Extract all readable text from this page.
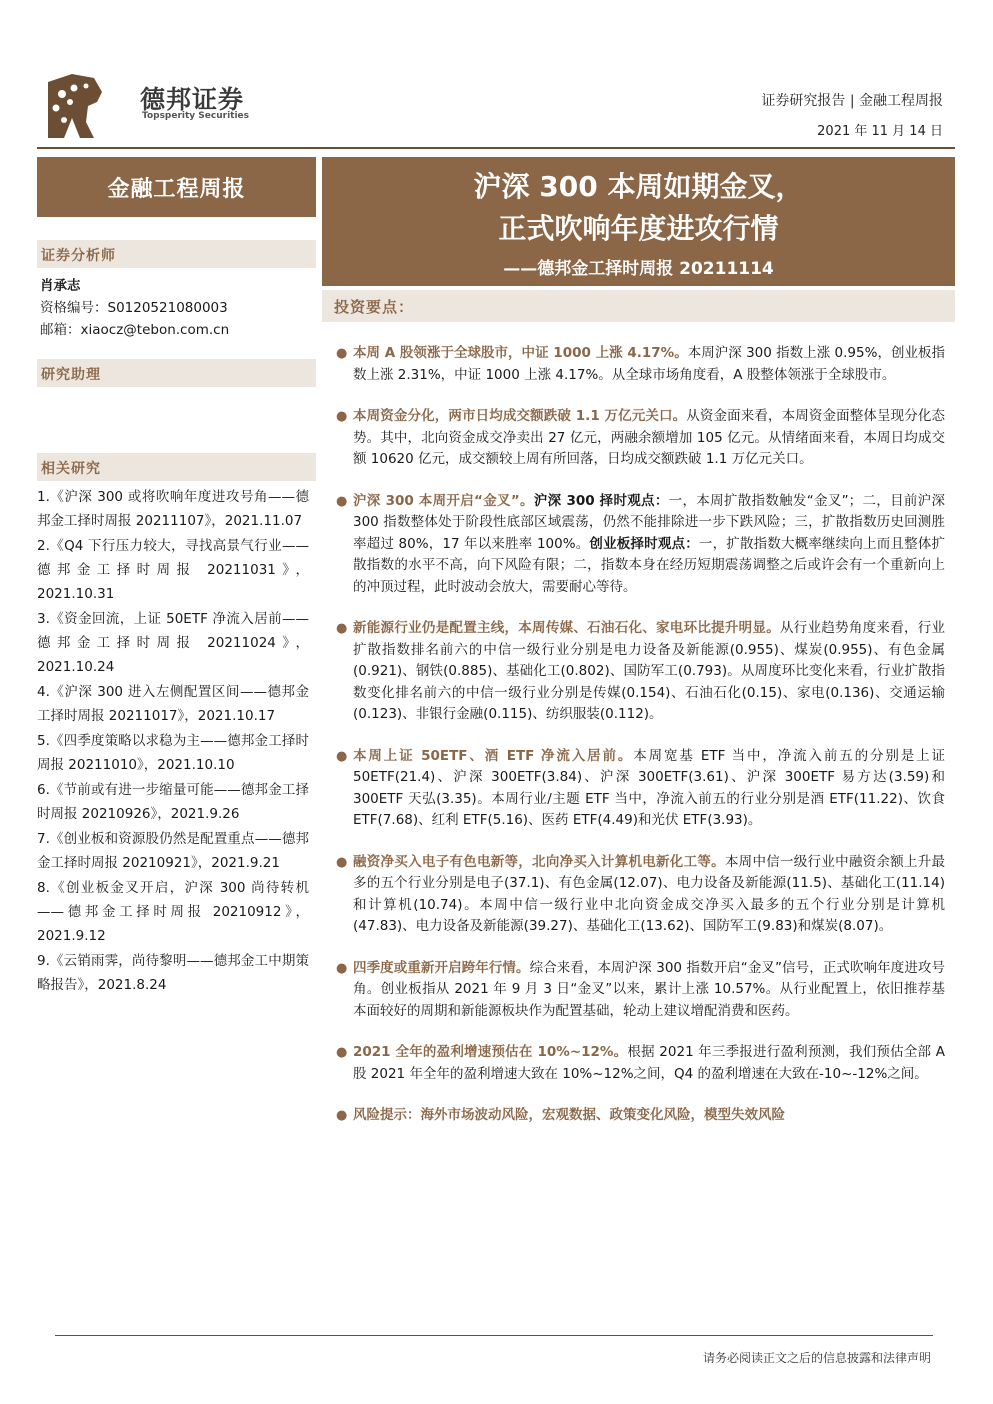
德邦证券
Topsperity Securities
证券研究报告 | 金融工程周报
2021 年 11 月 14 日
金融工程周报	沪深 300 本周如期金叉，
正式吹响年度进攻行情
——德邦金工择时周报 20211114
证券分析师
肖承志
资格编号：S0120521080003
邮箱：xiaocz@tebon.com.cn
研究助理
相关研究
1.《沪深 300 或将吹响年度进攻号角——德邦金工择时周报 20211107》，2021.11.07
2.《Q4 下行压力较大，寻找高景气行业——德邦金工择时周报 20211031》，2021.10.31
3.《资金回流，上证 50ETF 净流入居前——德邦金工择时周报 20211024》，2021.10.24
4.《沪深 300 进入左侧配置区间——德邦金工择时周报 20211017》，2021.10.17
5.《四季度策略以求稳为主——德邦金工择时周报 20211010》，2021.10.10
6.《节前或有进一步缩量可能——德邦金工择时周报 20210926》，2021.9.26
7.《创业板和资源股仍然是配置重点——德邦金工择时周报 20210921》，2021.9.21
8.《创业板金叉开启，沪深 300 尚待转机——德邦金工择时周报 20210912》，2021.9.12
9.《云销雨霁，尚待黎明——德邦金工中期策略报告》，2021.8.24
投资要点：
● 本周 A 股领涨于全球股市，中证 1000 上涨 4.17%。本周沪深 300 指数上涨 0.95%，创业板指数上涨 2.31%，中证 1000 上涨 4.17%。从全球市场角度看，A 股整体领涨于全球股市。
● 本周资金分化，两市日均成交额跌破 1.1 万亿元关口。从资金面来看，本周资金面整体呈现分化态势。其中，北向资金成交净卖出 27 亿元，两融余额增加 105 亿元。从情绪面来看，本周日均成交额 10620 亿元，成交额较上周有所回落，日均成交额跌破 1.1 万亿元关口。
● 沪深 300 本周开启“金叉”。沪深 300 择时观点：一，本周扩散指数触发“金叉”；二，目前沪深 300 指数整体处于阶段性底部区域震荡，仍然不能排除进一步下跌风险；三，扩散指数历史回测胜率超过 80%，17 年以来胜率 100%。创业板择时观点：一，扩散指数大概率继续向上而且整体扩散指数的水平不高，向下风险有限；二，指数本身在经历短期震荡调整之后或许会有一个重新向上的冲顶过程，此时波动会放大，需要耐心等待。
● 新能源行业仍是配置主线，本周传媒、石油石化、家电环比提升明显。从行业趋势角度来看，行业扩散指数排名前六的中信一级行业分别是电力设备及新能源(0.955)、煤炭(0.955)、有色金属(0.921)、钢铁(0.885)、基础化工(0.802)、国防军工(0.793)。从周度环比变化来看，行业扩散指数变化排名前六的中信一级行业分别是传媒(0.154)、石油石化(0.15)、家电(0.136)、交通运输(0.123)、非银行金融(0.115)、纺织服装(0.112)。
● 本周上证 50ETF、酒 ETF 净流入居前。本周宽基 ETF 当中，净流入前五的分别是上证 50ETF(21.4)、沪深 300ETF(3.84)、沪深 300ETF(3.61)、沪深 300ETF 易方达(3.59)和 300ETF 天弘(3.35)。本周行业/主题 ETF 当中，净流入前五的行业分别是酒 ETF(11.22)、饮食 ETF(7.68)、红利 ETF(5.16)、医药 ETF(4.49)和光伏 ETF(3.93)。
● 融资净买入电子有色电新等，北向净买入计算机电新化工等。本周中信一级行业中融资余额上升最多的五个行业分别是电子(37.1)、有色金属(12.07)、电力设备及新能源(11.5)、基础化工(11.14)和计算机(10.74)。本周中信一级行业中北向资金成交净买入最多的五个行业分别是计算机(47.83)、电力设备及新能源(39.27)、基础化工(13.62)、国防军工(9.83)和煤炭(8.07)。
● 四季度或重新开启跨年行情。综合来看，本周沪深 300 指数开启“金叉”信号，正式吹响年度进攻号角。创业板指从 2021 年 9 月 3 日“金叉”以来，累计上涨 10.57%。从行业配置上，依旧推荐基本面较好的周期和新能源板块作为配置基础，轮动上建议增配消费和医药。
● 2021 全年的盈利增速预估在 10%~12%。根据 2021 年三季报进行盈利预测，我们预估全部 A 股 2021 年全年的盈利增速大致在 10%~12%之间，Q4 的盈利增速在大致在-10~-12%之间。
● 风险提示：海外市场波动风险，宏观数据、政策变化风险，模型失效风险
请务必阅读正文之后的信息披露和法律声明
